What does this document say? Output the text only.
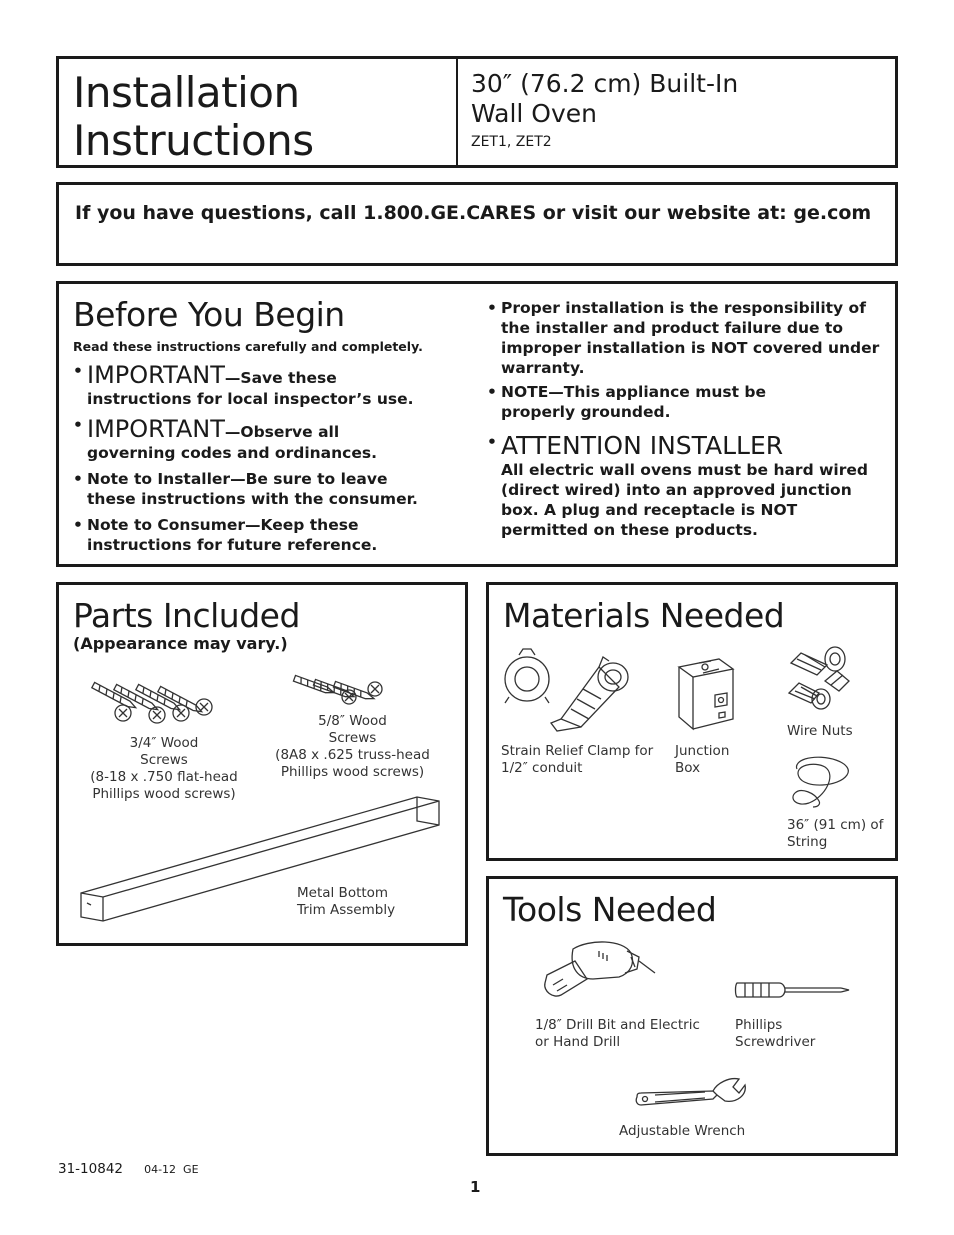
Installation
Instructions
30″ (76.2 cm) Built-In
Wall Oven
ZET1, ZET2
If you have questions, call 1.800.GE.CARES or visit our website at: ge.com
Before You Begin
Read these instructions carefully and completely.
• IMPORTANT—Save these
instructions for local inspector’s use.
• IMPORTANT—Observe all
governing codes and ordinances.
• Note to Installer—Be sure to leave these instructions with the consumer.
• Note to Consumer—Keep these instructions for future reference.
• Proper installation is the responsibility of the installer and product failure due to improper installation is NOT covered under warranty.
• NOTE—This appliance must be properly grounded.
• ATTENTION INSTALLER
All electric wall ovens must be hard wired (direct wired) into an approved junction box. A plug and receptacle is NOT permitted on these products.
Parts Included
(Appearance may vary.)
3/4″ Wood
Screws
(8-18 x .750 flat-head
Phillips wood screws)
5/8″ Wood
Screws
(8A8 x .625 truss-head
Phillips wood screws)
Metal Bottom
Trim Assembly
Materials Needed
Strain Relief Clamp for
1/2″ conduit
Junction
Box
Wire Nuts
36″ (91 cm) of
String
Tools Needed
1/8″ Drill Bit and Electric
or Hand Drill
Phillips
Screwdriver
Adjustable Wrench
31-10842 04-12  GE
1
